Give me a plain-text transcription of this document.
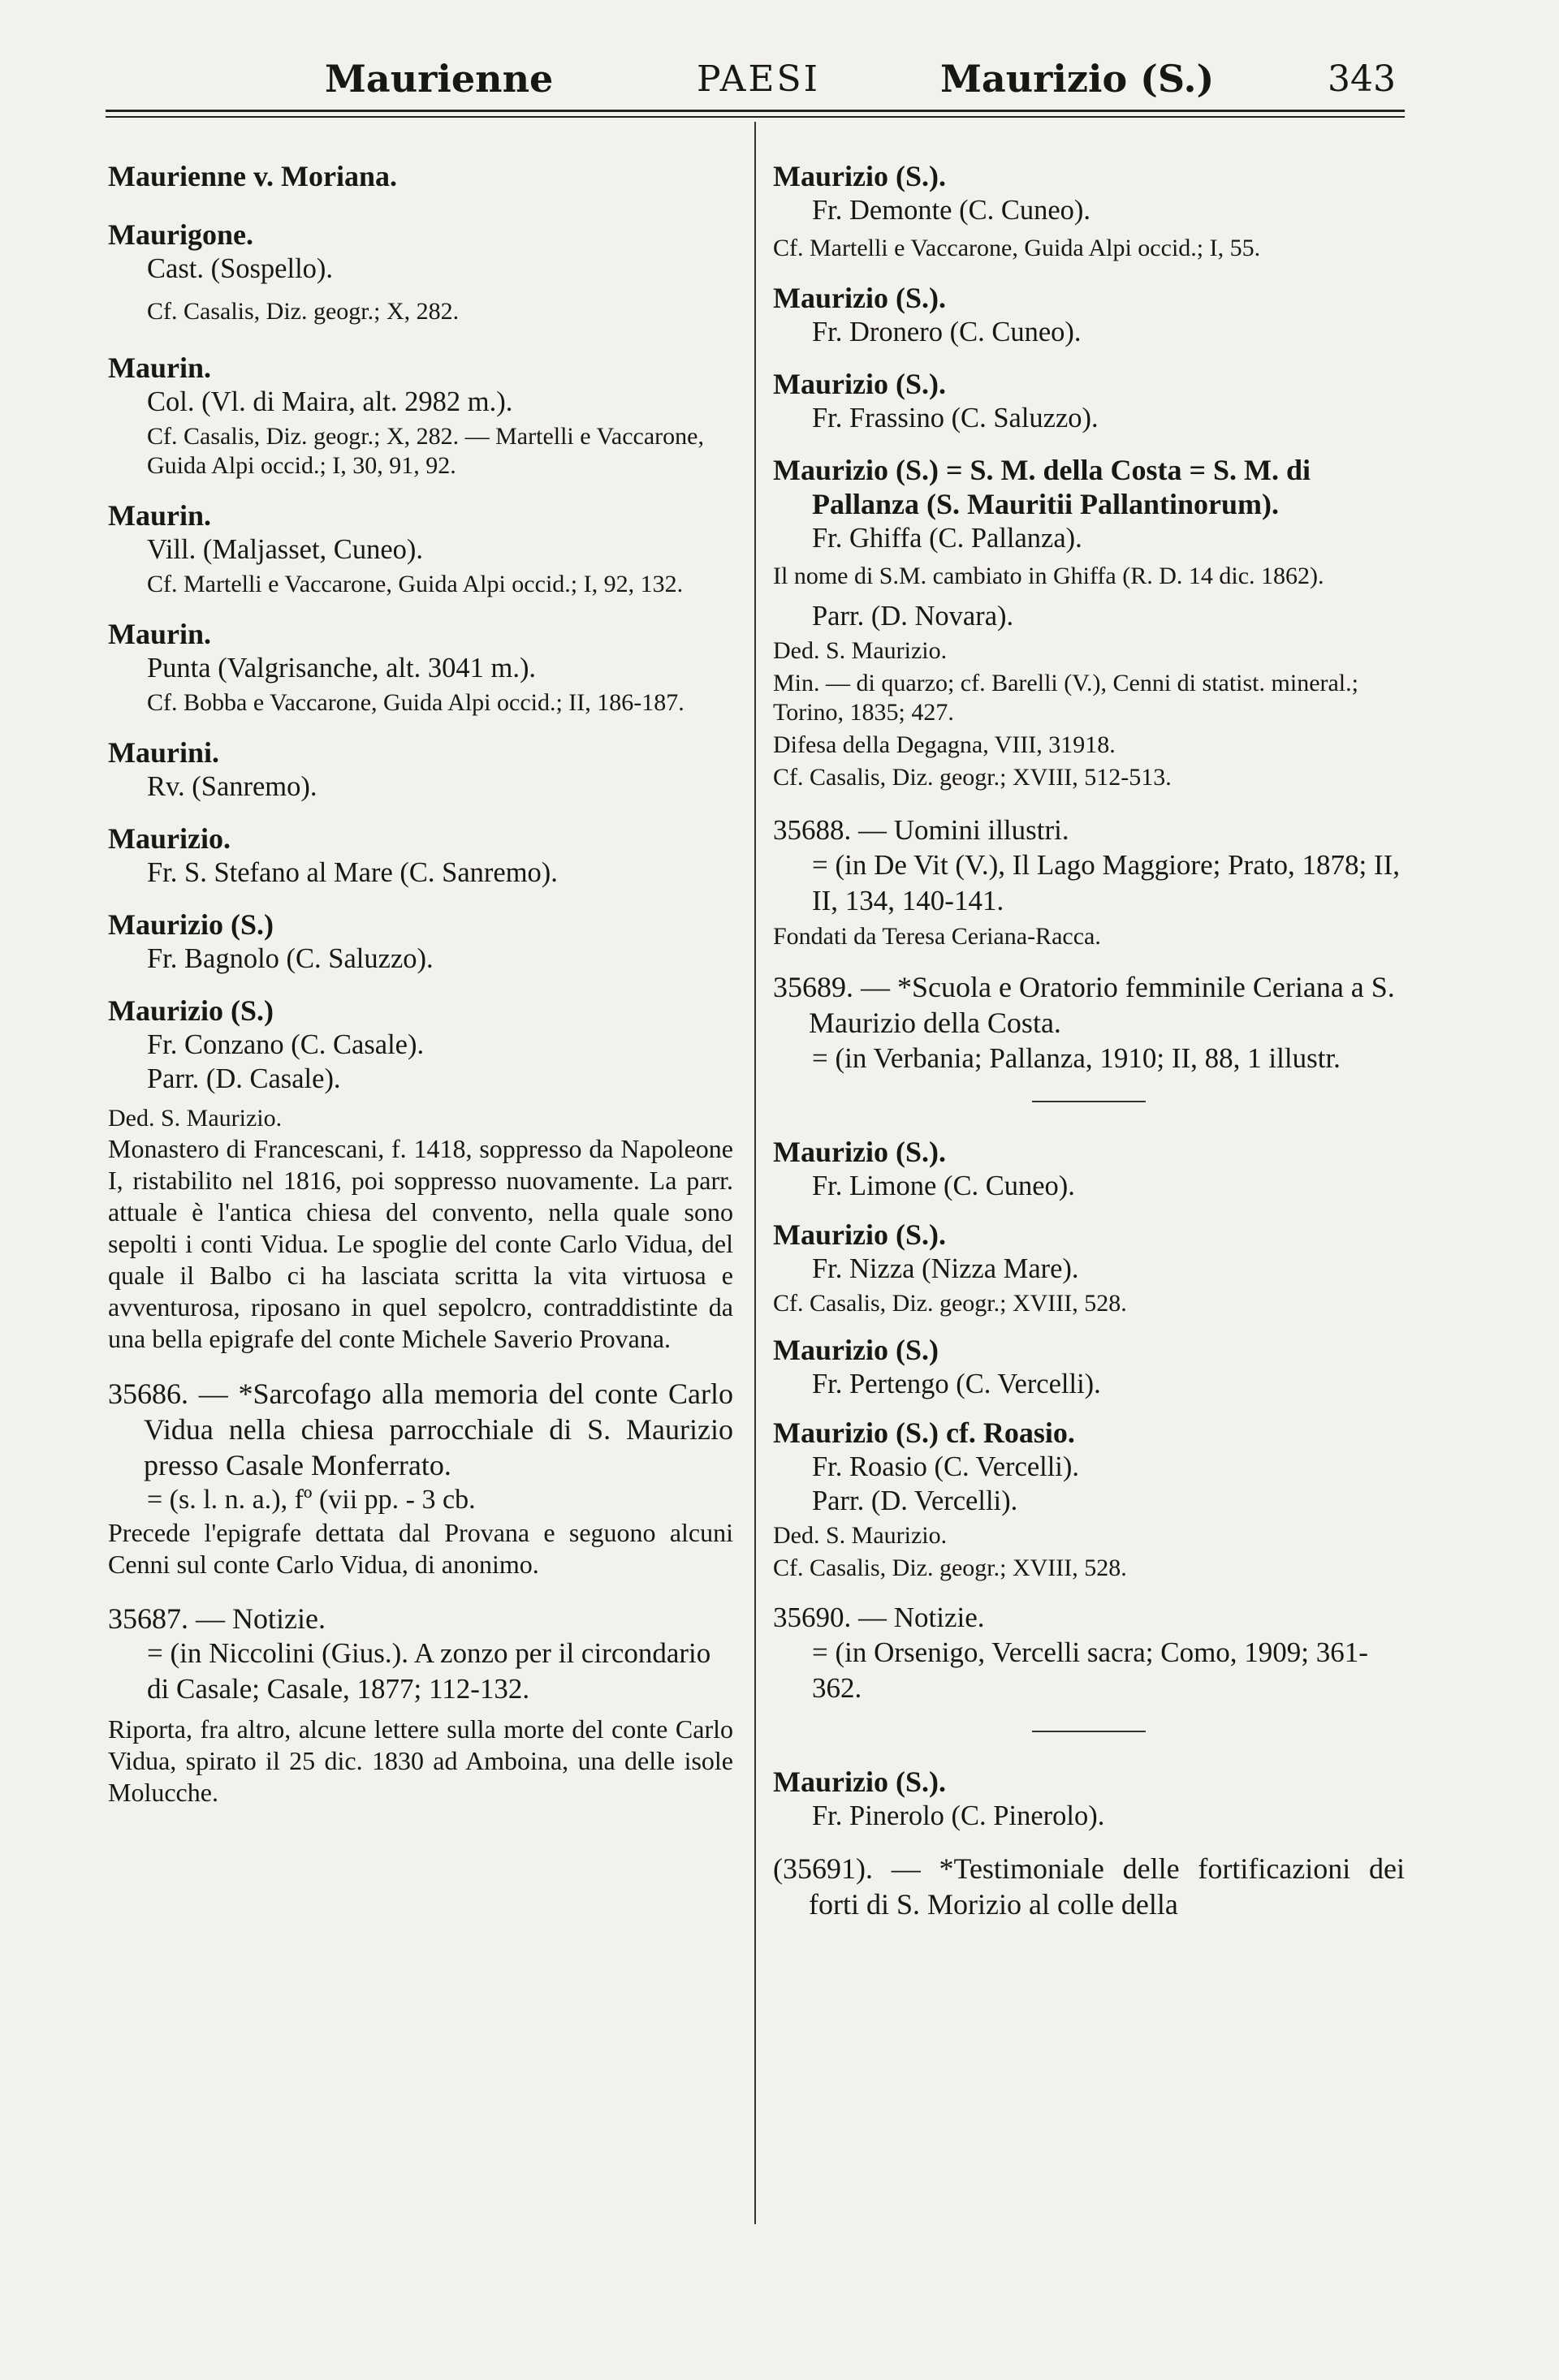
Maurienne	PAESI	Maurizio (S.)	343
Maurienne v. Moriana.
Maurigone.
Cast. (Sospello).
Cf. Casalis, Diz. geogr.; X, 282.
Maurin.
Col. (Vl. di Maira, alt. 2982 m.).
Cf. Casalis, Diz. geogr.; X, 282. — Martelli e Vaccarone, Guida Alpi occid.; I, 30, 91, 92.
Maurin.
Vill. (Maljasset, Cuneo).
Cf. Martelli e Vaccarone, Guida Alpi occid.; I, 92, 132.
Maurin.
Punta (Valgrisanche, alt. 3041 m.).
Cf. Bobba e Vaccarone, Guida Alpi occid.; II, 186-187.
Maurini.
Rv. (Sanremo).
Maurizio.
Fr. S. Stefano al Mare (C. Sanremo).
Maurizio (S.)
Fr. Bagnolo (C. Saluzzo).
Maurizio (S.)
Fr. Conzano (C. Casale).
Parr. (D. Casale).
Ded. S. Maurizio.
Monastero di Francescani, f. 1418, soppresso da Napoleone I, ristabilito nel 1816, poi soppresso nuovamente. La parr. attuale è l'antica chiesa del convento, nella quale sono sepolti i conti Vidua. Le spoglie del conte Carlo Vidua, del quale il Balbo ci ha lasciata scritta la vita virtuosa e avventurosa, riposano in quel sepolcro, contraddistinte da una bella epigrafe del conte Michele Saverio Provana.
35686. — *Sarcofago alla memoria del conte Carlo Vidua nella chiesa parrocchiale di S. Maurizio presso Casale Monferrato.
= (s. l. n. a.), fº (vii pp. - 3 cb.
Precede l'epigrafe dettata dal Provana e seguono alcuni Cenni sul conte Carlo Vidua, di anonimo.
35687. — Notizie.
= (in Niccolini (Gius.). A zonzo per il circondario di Casale; Casale, 1877; 112-132.
Riporta, fra altro, alcune lettere sulla morte del conte Carlo Vidua, spirato il 25 dic. 1830 ad Amboina, una delle isole Molucche.
Maurizio (S.).
Fr. Demonte (C. Cuneo).
Cf. Martelli e Vaccarone, Guida Alpi occid.; I, 55.
Maurizio (S.).
Fr. Dronero (C. Cuneo).
Maurizio (S.).
Fr. Frassino (C. Saluzzo).
Maurizio (S.) = S. M. della Costa = S. M. di Pallanza (S. Mauritii Pallantinorum).
Fr. Ghiffa (C. Pallanza).
Il nome di S.M. cambiato in Ghiffa (R. D. 14 dic. 1862).
Parr. (D. Novara).
Ded. S. Maurizio.
Min. — di quarzo; cf. Barelli (V.), Cenni di statist. mineral.; Torino, 1835; 427.
Difesa della Degagna, VIII, 31918.
Cf. Casalis, Diz. geogr.; XVIII, 512-513.
35688. — Uomini illustri.
= (in De Vit (V.), Il Lago Maggiore; Prato, 1878; II, II, 134, 140-141.
Fondati da Teresa Ceriana-Racca.
35689. — *Scuola e Oratorio femminile Ceriana a S. Maurizio della Costa.
= (in Verbania; Pallanza, 1910; II, 88, 1 illustr.
Maurizio (S.).
Fr. Limone (C. Cuneo).
Maurizio (S.).
Fr. Nizza (Nizza Mare).
Cf. Casalis, Diz. geogr.; XVIII, 528.
Maurizio (S.)
Fr. Pertengo (C. Vercelli).
Maurizio (S.) cf. Roasio.
Fr. Roasio (C. Vercelli).
Parr. (D. Vercelli).
Ded. S. Maurizio.
Cf. Casalis, Diz. geogr.; XVIII, 528.
35690. — Notizie.
= (in Orsenigo, Vercelli sacra; Como, 1909; 361-362.
Maurizio (S.).
Fr. Pinerolo (C. Pinerolo).
(35691). — *Testimoniale delle fortificazioni dei forti di S. Morizio al colle della
